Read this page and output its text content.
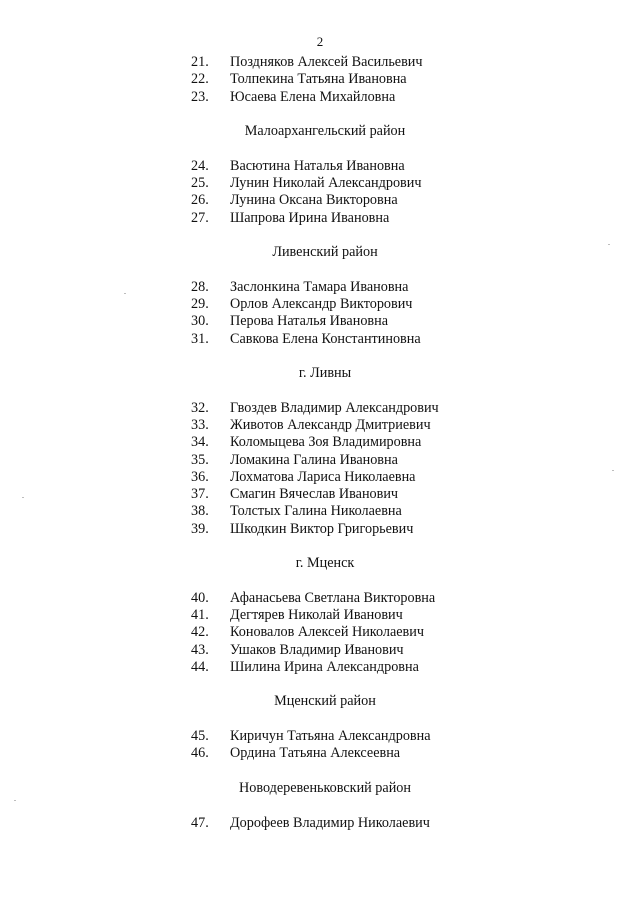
2
21.	Поздняков Алексей Васильевич
22.	Толпекина Татьяна Ивановна
23.	Юсаева Елена Михайловна
Малоархангельский район
24.	Васютина Наталья Ивановна
25.	Лунин Николай Александрович
26.	Лунина Оксана Викторовна
27.	Шапрова Ирина Ивановна
Ливенский район
28.	Заслонкина Тамара Ивановна
29.	Орлов Александр Викторович
30.	Перова Наталья Ивановна
31.	Савкова Елена Константиновна
г. Ливны
32.	Гвоздев Владимир Александрович
33.	Животов Александр Дмитриевич
34.	Коломыцева Зоя Владимировна
35.	Ломакина Галина Ивановна
36.	Лохматова Лариса Николаевна
37.	Смагин Вячеслав Иванович
38.	Толстых Галина Николаевна
39.	Шкодкин Виктор Григорьевич
г. Мценск
40.	Афанасьева Светлана Викторовна
41.	Дегтярев Николай Иванович
42.	Коновалов Алексей Николаевич
43.	Ушаков Владимир Иванович
44.	Шилина Ирина Александровна
Мценский район
45.	Киричун Татьяна Александровна
46.	Ордина Татьяна Алексеевна
Новодеревеньковский район
47.	Дорофеев Владимир Николаевич
